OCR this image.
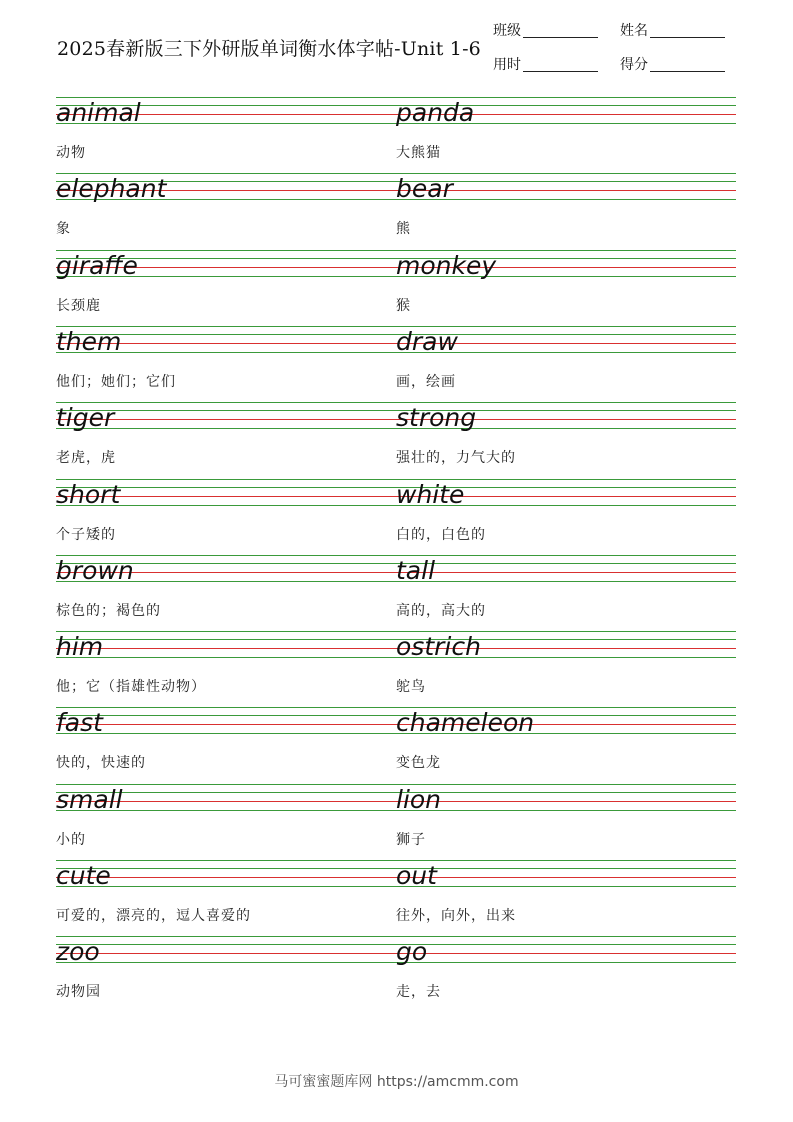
2025春新版三下外研版单词衡水体字帖-Unit 1-6
班级	姓名
用时	得分
animal
动物
panda
大熊猫
elephant
象
bear
熊
giraffe
长颈鹿
monkey
猴
them
他们；她们；它们
draw
画，绘画
tiger
老虎，虎
strong
强壮的，力气大的
short
个子矮的
white
白的，白色的
brown
棕色的；褐色的
tall
高的，高大的
him
他；它（指雄性动物）
ostrich
鸵鸟
fast
快的，快速的
chameleon
变色龙
small
小的
lion
狮子
cute
可爱的，漂亮的，逗人喜爱的
out
往外，向外，出来
zoo
动物园
go
走，去
马可蜜蜜题库网 https://amcmm.com
